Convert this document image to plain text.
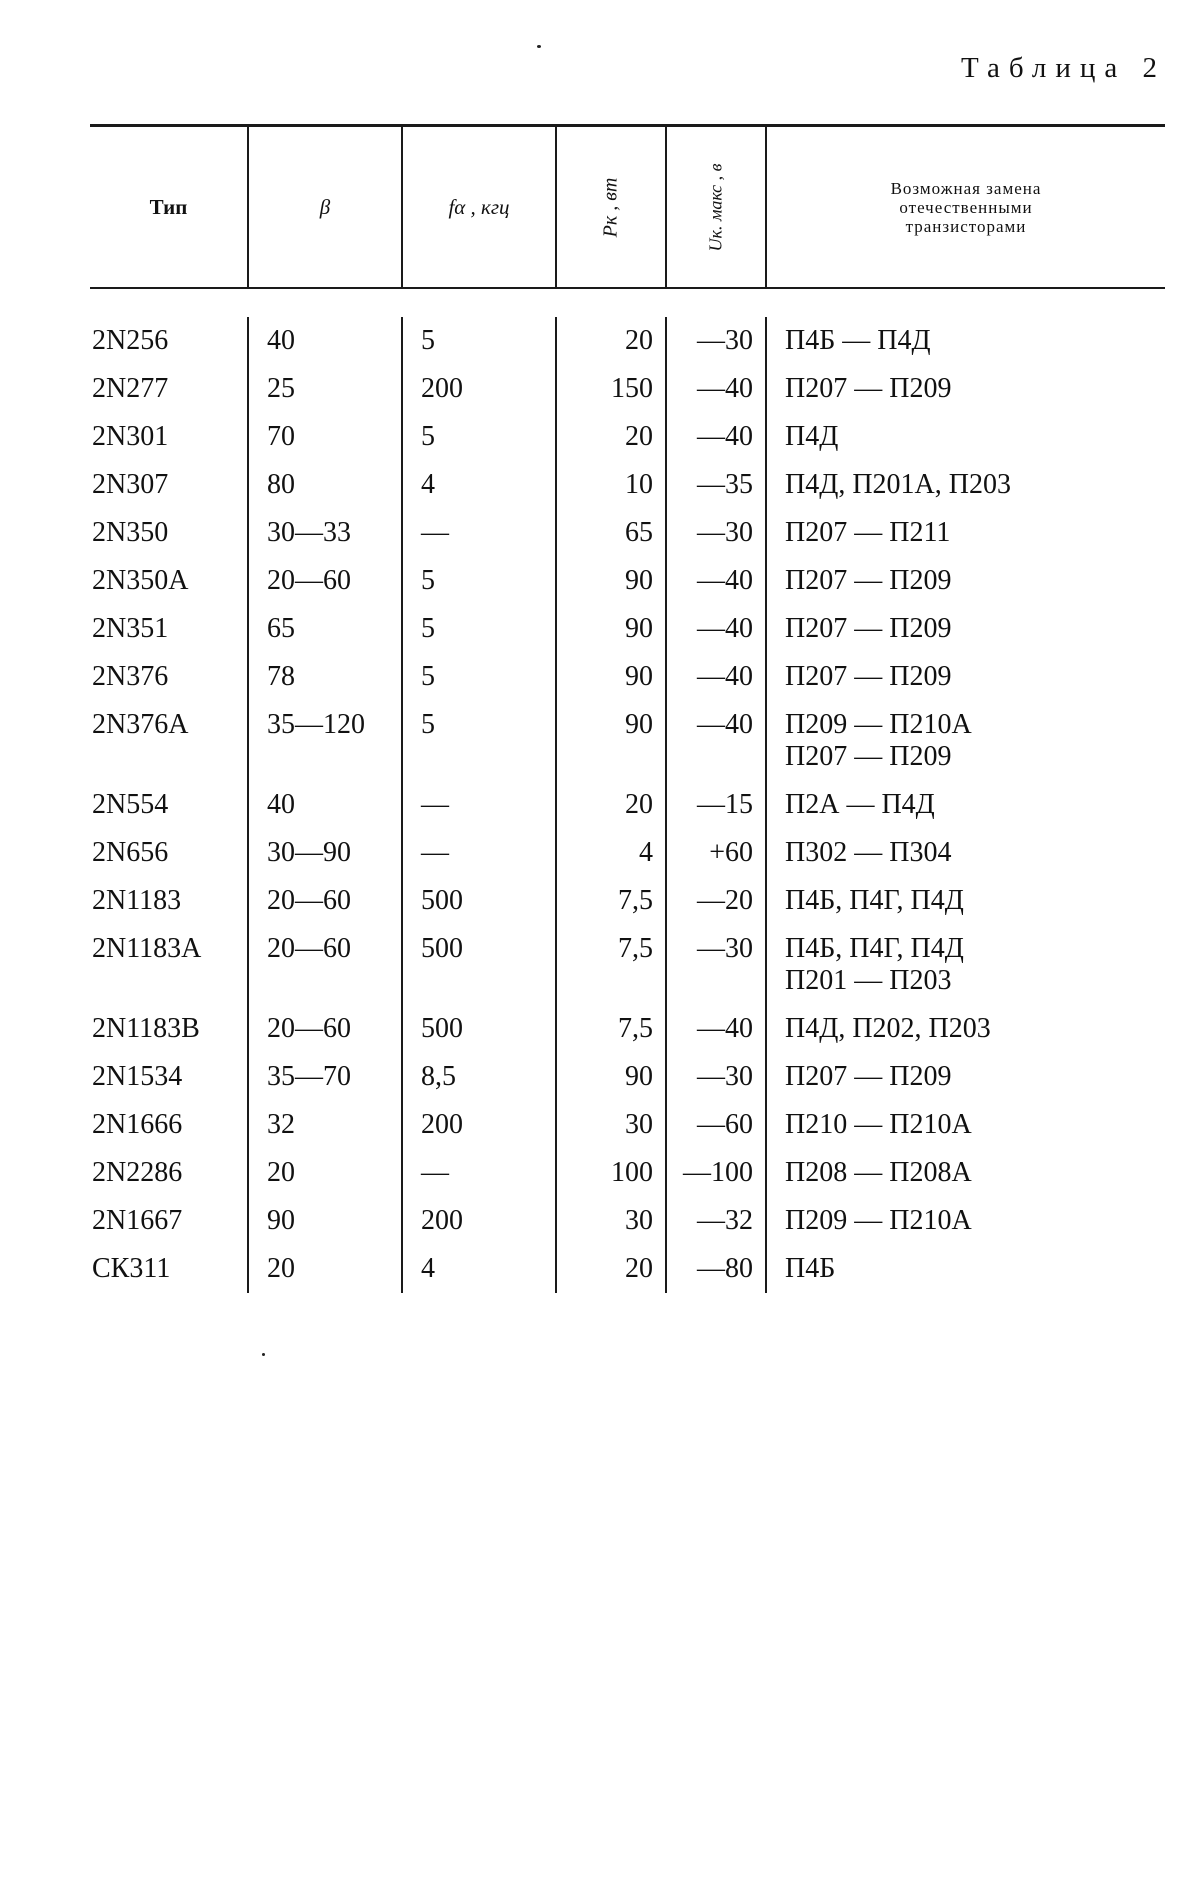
Таблица 2
Тип	β	fα , кгц	Pк , вт	Uк. макс , в	Возможная замена
отечественными
транзисторами
2N256	40	5	20	—30	П4Б — П4Д
2N277	25	200	150	—40	П207 — П209
2N301	70	5	20	—40	П4Д
2N307	80	4	10	—35	П4Д, П201А, П203
2N350	30—33	—	65	—30	П207 — П211
2N350А	20—60	5	90	—40	П207 — П209
2N351	65	5	90	—40	П207 — П209
2N376	78	5	90	—40	П207 — П209
2N376А	35—120	5	90	—40	П209 — П210А
П207 — П209
2N554	40	—	20	—15	П2А — П4Д
2N656	30—90	—	4	+60	П302 — П304
2N1183	20—60	500	7,5	—20	П4Б, П4Г, П4Д
2N1183А	20—60	500	7,5	—30	П4Б, П4Г, П4Д
П201 — П203
2N1183В	20—60	500	7,5	—40	П4Д, П202, П203
2N1534	35—70	8,5	90	—30	П207 — П209
2N1666	32	200	30	—60	П210 — П210А
2N2286	20	—	100	—100	П208 — П208А
2N1667	90	200	30	—32	П209 — П210А
СК311	20	4	20	—80	П4Б
